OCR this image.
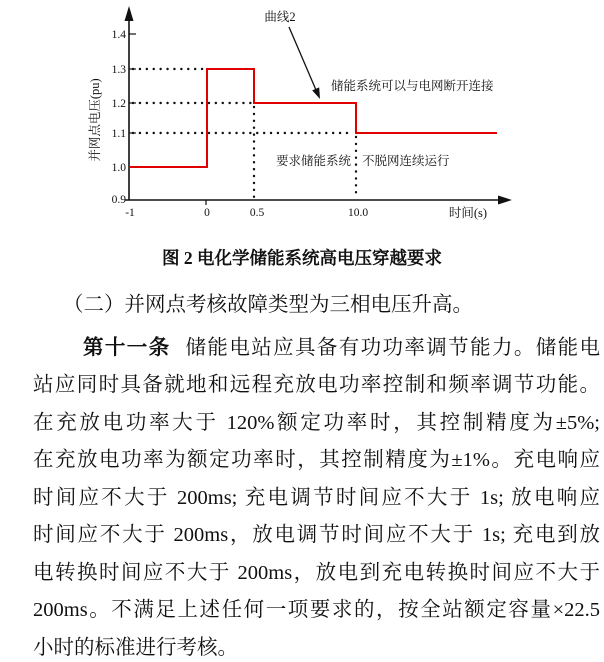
曲线2
储能系统可以与电网断开连接
要求储能系统 不脱网连续运行
1.4
1.3
1.2
1.1
1.0
0.9
-1	0	0.5	10.0	时间(s)
并网点电压(pu)
图 2 电化学储能系统高电压穿越要求
（二）并网点考核故障类型为三相电压升高。
第十一条 储能电站应具备有功功率调节能力。储能电
站应同时具备就地和远程充放电功率控制和频率调节功能。
在充放电功率大于 120%额定功率时，其控制精度为±5%;
在充放电功率为额定功率时，其控制精度为±1%。充电响应
时间应不大于 200ms; 充电调节时间应不大于 1s; 放电响应
时间应不大于 200ms，放电调节时间应不大于 1s; 充电到放
电转换时间应不大于 200ms，放电到充电转换时间应不大于
200ms。不满足上述任何一项要求的，按全站额定容量×22.5
小时的标准进行考核。
